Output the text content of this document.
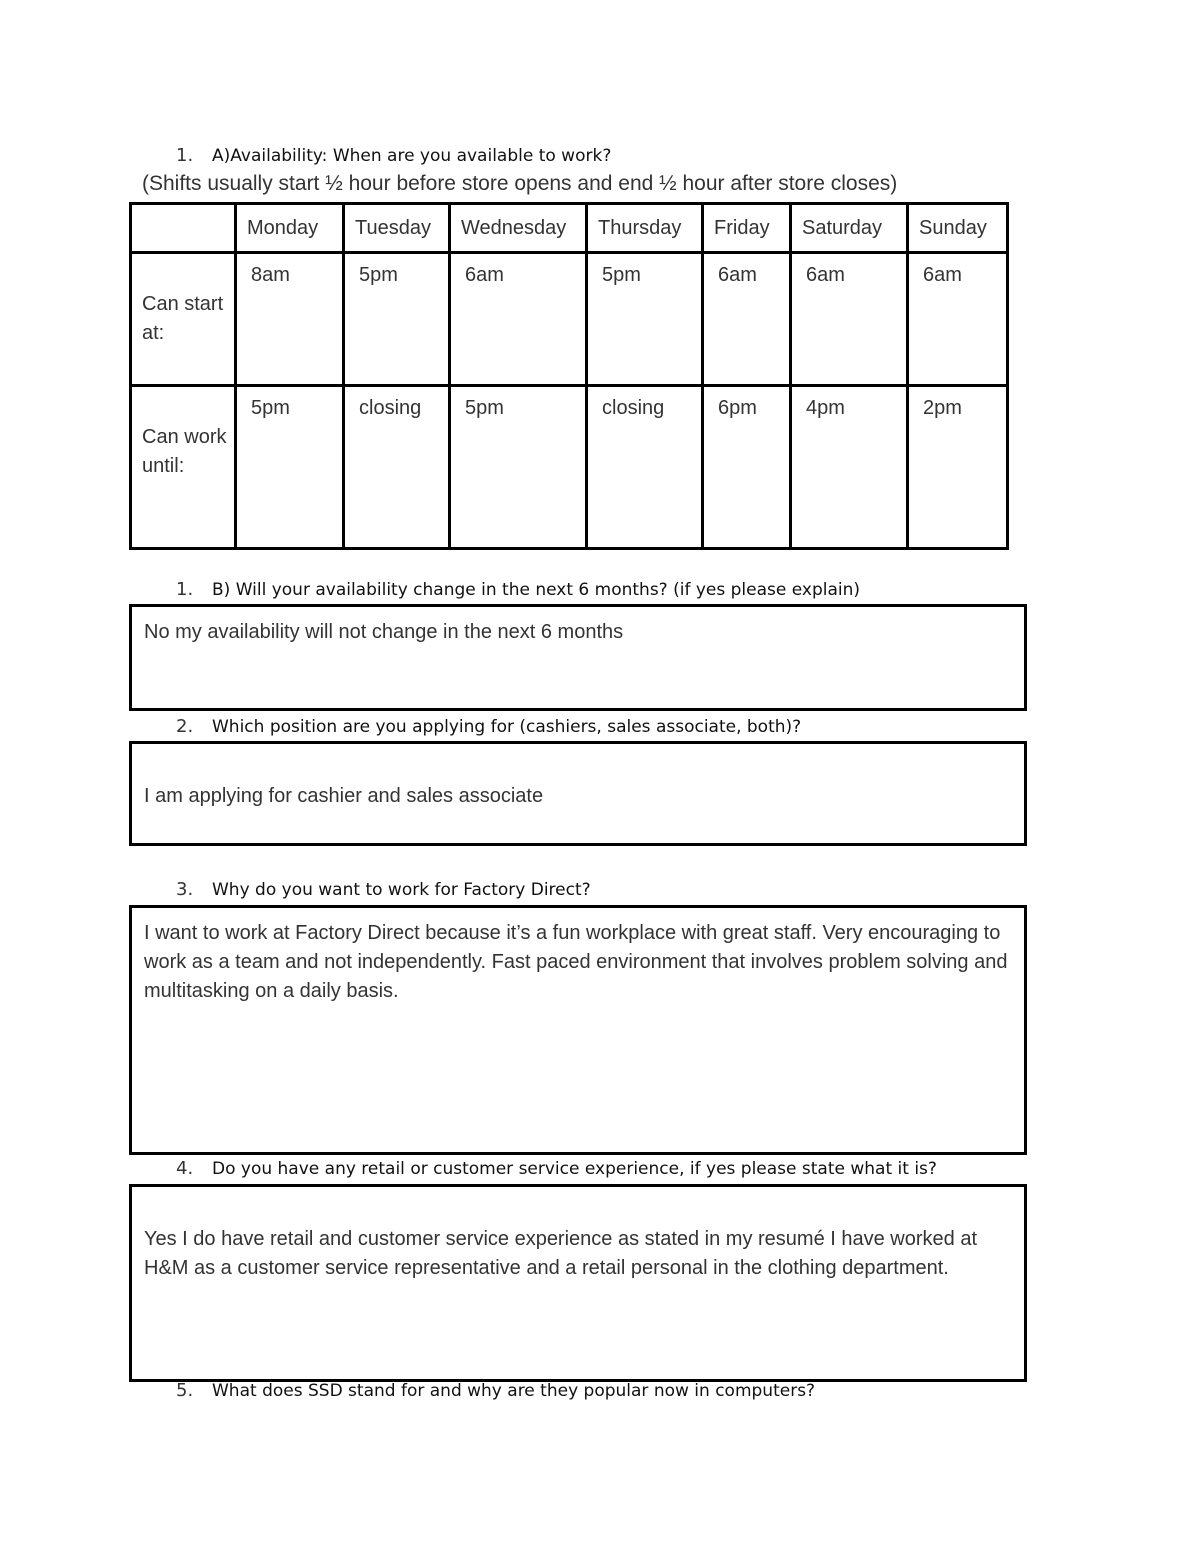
1. A)Availability: When are you available to work?
(Shifts usually start ½ hour before store opens and end ½ hour after store closes)
	Monday	Tuesday	Wednesday	Thursday	Friday	Saturday	Sunday
Can start at:	8am	5pm	6am	5pm	6am	6am	6am
Can work until:	5pm	closing	5pm	closing	6pm	4pm	2pm
1. B) Will your availability change in the next 6 months? (if yes please explain)
No my availability will not change in the next 6 months
2. Which position are you applying for (cashiers, sales associate, both)?
I am applying for cashier and sales associate
3. Why do you want to work for Factory Direct?
I want to work at Factory Direct because it’s a fun workplace with great staff. Very encouraging to work as a team and not independently. Fast paced environment that involves problem solving and multitasking on a daily basis.
4. Do you have any retail or customer service experience, if yes please state what it is?
Yes I do have retail and customer service experience as stated in my resumé I have worked at H&M as a customer service representative and a retail personal in the clothing department.
5. What does SSD stand for and why are they popular now in computers?
